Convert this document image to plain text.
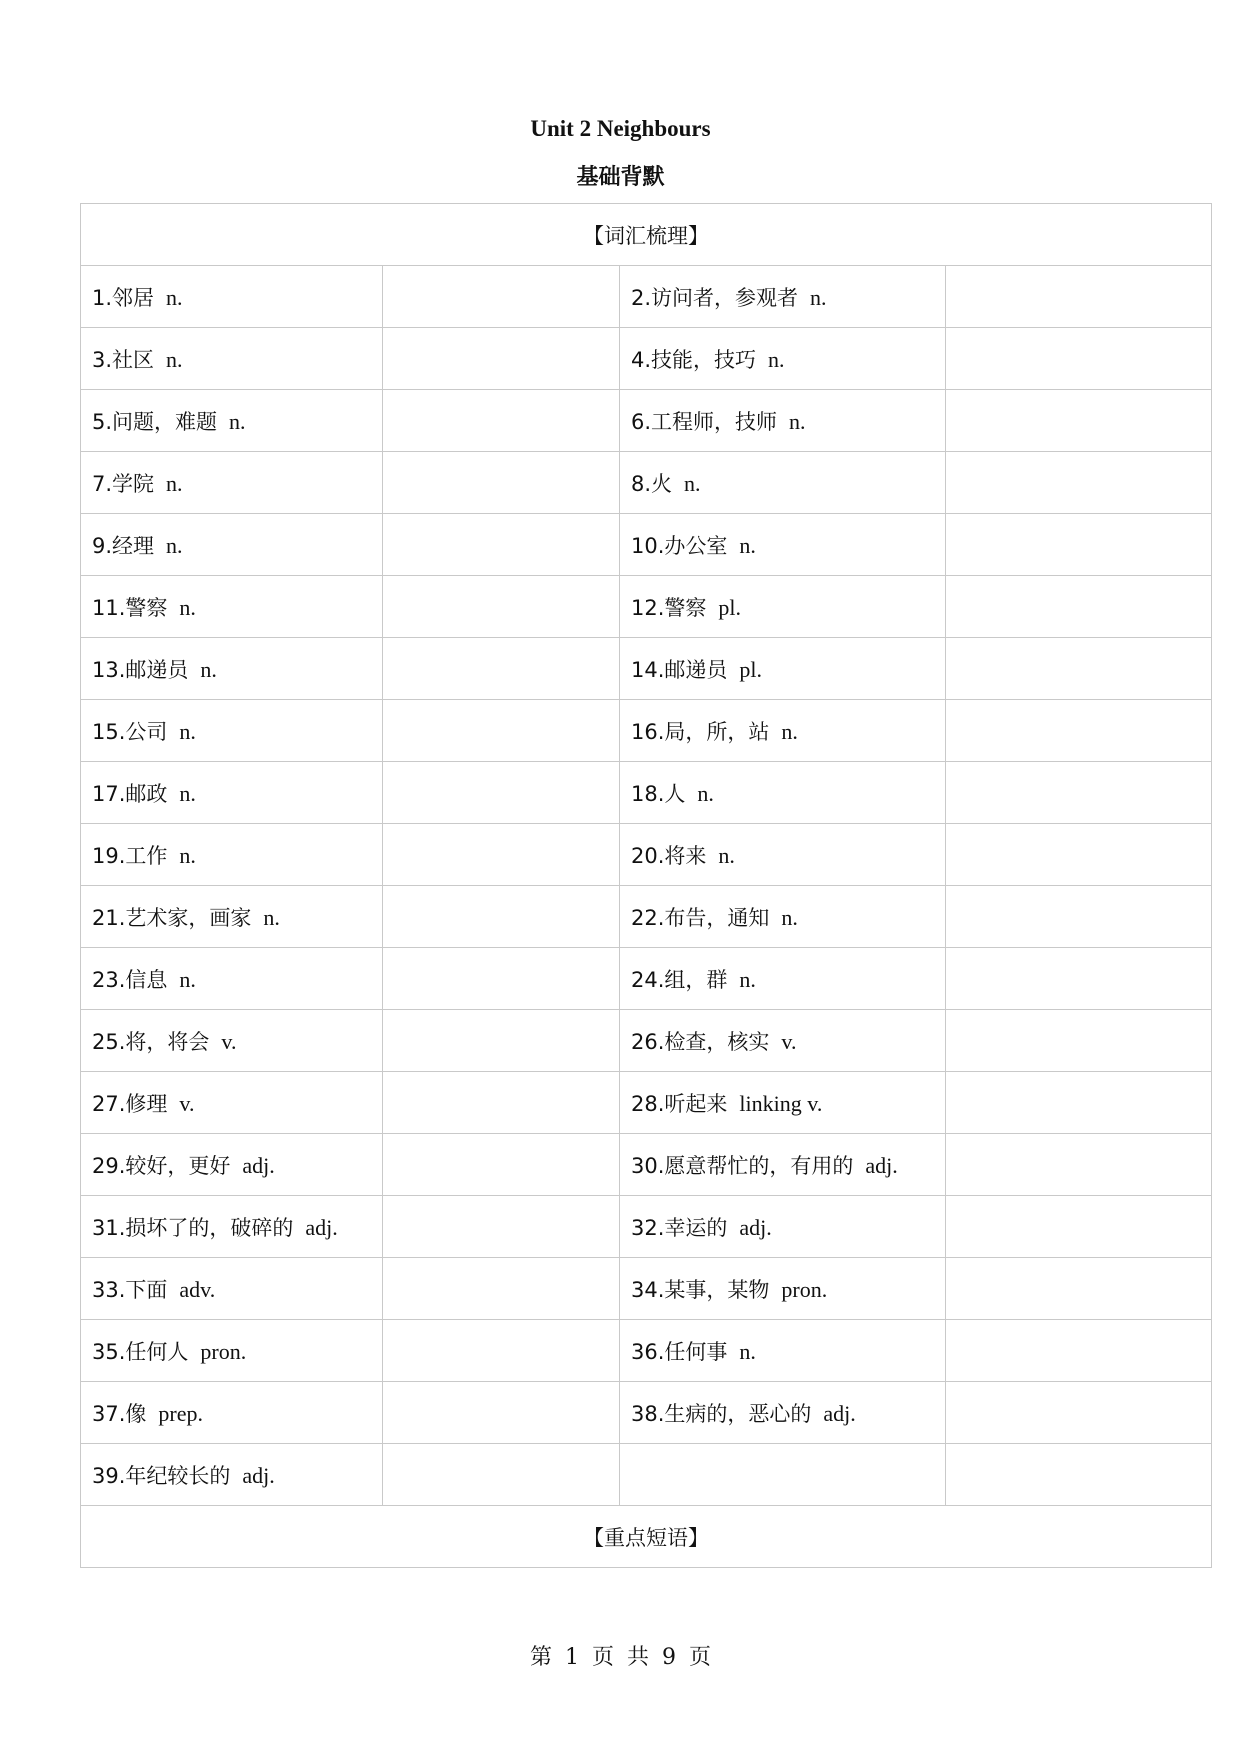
Unit 2 Neighbours
基础背默
【词汇梳理】			
1.邻居 n.		2.访问者，参观者 n.	
3.社区 n.		4.技能，技巧 n.	
5.问题，难题 n.		6.工程师，技师 n.	
7.学院 n.		8.火 n.	
9.经理 n.		10.办公室 n.	
11.警察 n.		12.警察 pl.	
13.邮递员 n.		14.邮递员 pl.	
15.公司 n.		16.局，所，站 n.	
17.邮政 n.		18.人 n.	
19.工作 n.		20.将来 n.	
21.艺术家，画家 n.		22.布告，通知 n.	
23.信息 n.		24.组，群 n.	
25.将，将会 v.		26.检查，核实 v.	
27.修理 v.		28.听起来 linking v.	
29.较好，更好 adj.		30.愿意帮忙的，有用的 adj.	
31.损坏了的，破碎的 adj.		32.幸运的 adj.	
33.下面 adv.		34.某事，某物 pron.	
35.任何人 pron.		36.任何事 n.	
37.像 prep.		38.生病的，恶心的 adj.	
39.年纪较长的 adj.			
【重点短语】			
第 1 页 共 9 页
